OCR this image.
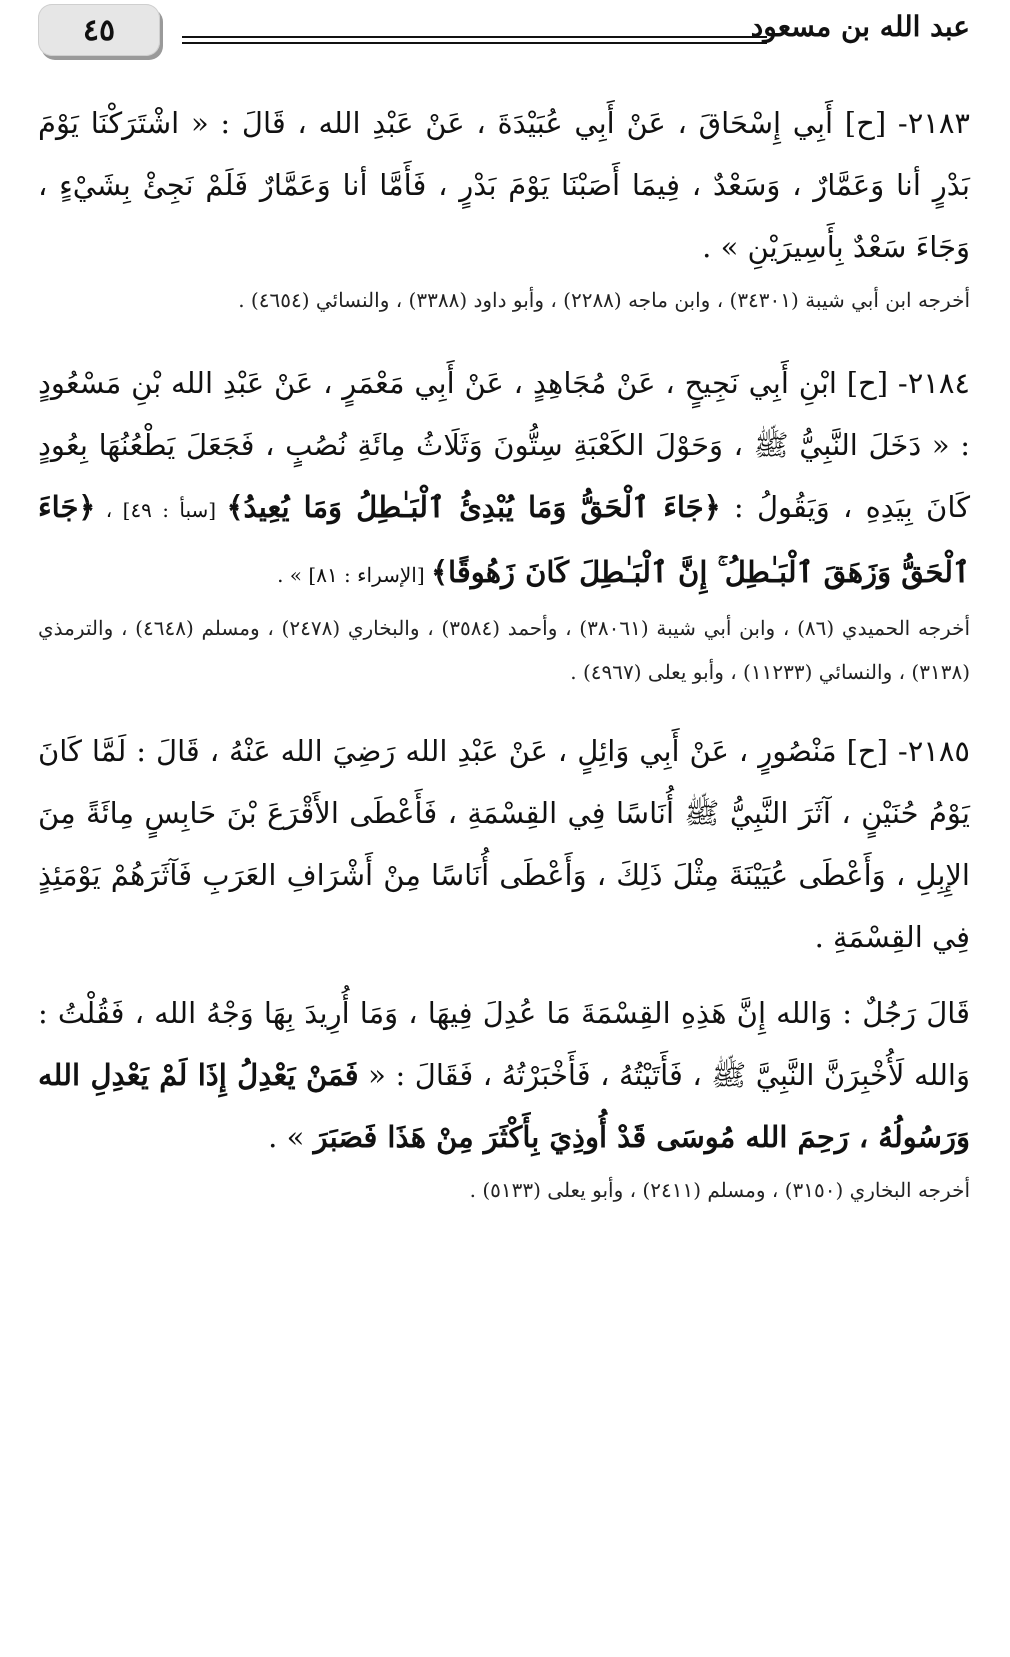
٤٥	عبد الله بن مسعود

٢١٨٣- [ح] أَبِي إِسْحَاقَ ، عَنْ أَبِي عُبَيْدَةَ ، عَنْ عَبْدِ الله ، قَالَ : « اشْتَرَكْنَا يَوْمَ بَدْرٍ أنا وَعَمَّارٌ ، وَسَعْدٌ ، فِيمَا أَصَبْنَا يَوْمَ بَدْرٍ ، فَأَمَّا أنا وَعَمَّارٌ فَلَمْ نَجِئْ بِشَيْءٍ ، وَجَاءَ سَعْدٌ بِأَسِيرَيْنِ » .

أخرجه ابن أبي شيبة (٣٤٣٠١) ، وابن ماجه (٢٢٨٨) ، وأبو داود (٣٣٨٨) ، والنسائي (٤٦٥٤) .

٢١٨٤- [ح] ابْنِ أَبِي نَجِيحٍ ، عَنْ مُجَاهِدٍ ، عَنْ أَبِي مَعْمَرٍ ، عَنْ عَبْدِ الله بْنِ مَسْعُودٍ : « دَخَلَ النَّبِيُّ ﷺ ، وَحَوْلَ الكَعْبَةِ سِتُّونَ وَثَلَاثُ مِائَةِ نُصُبٍ ، فَجَعَلَ يَطْعُنُهَا بِعُودٍ كَانَ بِيَدِهِ ، وَيَقُولُ : ﴿جَاءَ ٱلْحَقُّ وَمَا يُبْدِئُ ٱلْبَـٰطِلُ وَمَا يُعِيدُ﴾ [سبأ : ٤٩] ، ﴿جَاءَ ٱلْحَقُّ وَزَهَقَ ٱلْبَـٰطِلُ ۚ إِنَّ ٱلْبَـٰطِلَ كَانَ زَهُوقًا﴾ [الإسراء : ٨١] » .

أخرجه الحميدي (٨٦) ، وابن أبي شيبة (٣٨٠٦١) ، وأحمد (٣٥٨٤) ، والبخاري (٢٤٧٨) ، ومسلم (٤٦٤٨) ، والترمذي (٣١٣٨) ، والنسائي (١١٢٣٣) ، وأبو يعلى (٤٩٦٧) .

٢١٨٥- [ح] مَنْصُورٍ ، عَنْ أَبِي وَائِلٍ ، عَنْ عَبْدِ الله رَضِيَ الله عَنْهُ ، قَالَ : لَمَّا كَانَ يَوْمُ حُنَيْنٍ ، آثَرَ النَّبِيُّ ﷺ أُنَاسًا فِي القِسْمَةِ ، فَأَعْطَى الأَقْرَعَ بْنَ حَابِسٍ مِائَةً مِنَ الإِبِلِ ، وَأَعْطَى عُيَيْنَةَ مِثْلَ ذَلِكَ ، وَأَعْطَى أُنَاسًا مِنْ أَشْرَافِ العَرَبِ فَآثَرَهُمْ يَوْمَئِذٍ فِي القِسْمَةِ .

قَالَ رَجُلٌ : وَالله إِنَّ هَذِهِ القِسْمَةَ مَا عُدِلَ فِيهَا ، وَمَا أُرِيدَ بِهَا وَجْهُ الله ، فَقُلْتُ : وَالله لَأُخْبِرَنَّ النَّبِيَّ ﷺ ، فَأَتَيْتُهُ ، فَأَخْبَرْتُهُ ، فَقَالَ : « فَمَنْ يَعْدِلُ إِذَا لَمْ يَعْدِلِ الله وَرَسُولُهُ ، رَحِمَ الله مُوسَى قَدْ أُوذِيَ بِأَكْثَرَ مِنْ هَذَا فَصَبَرَ » .

أخرجه البخاري (٣١٥٠) ، ومسلم (٢٤١١) ، وأبو يعلى (٥١٣٣) .
